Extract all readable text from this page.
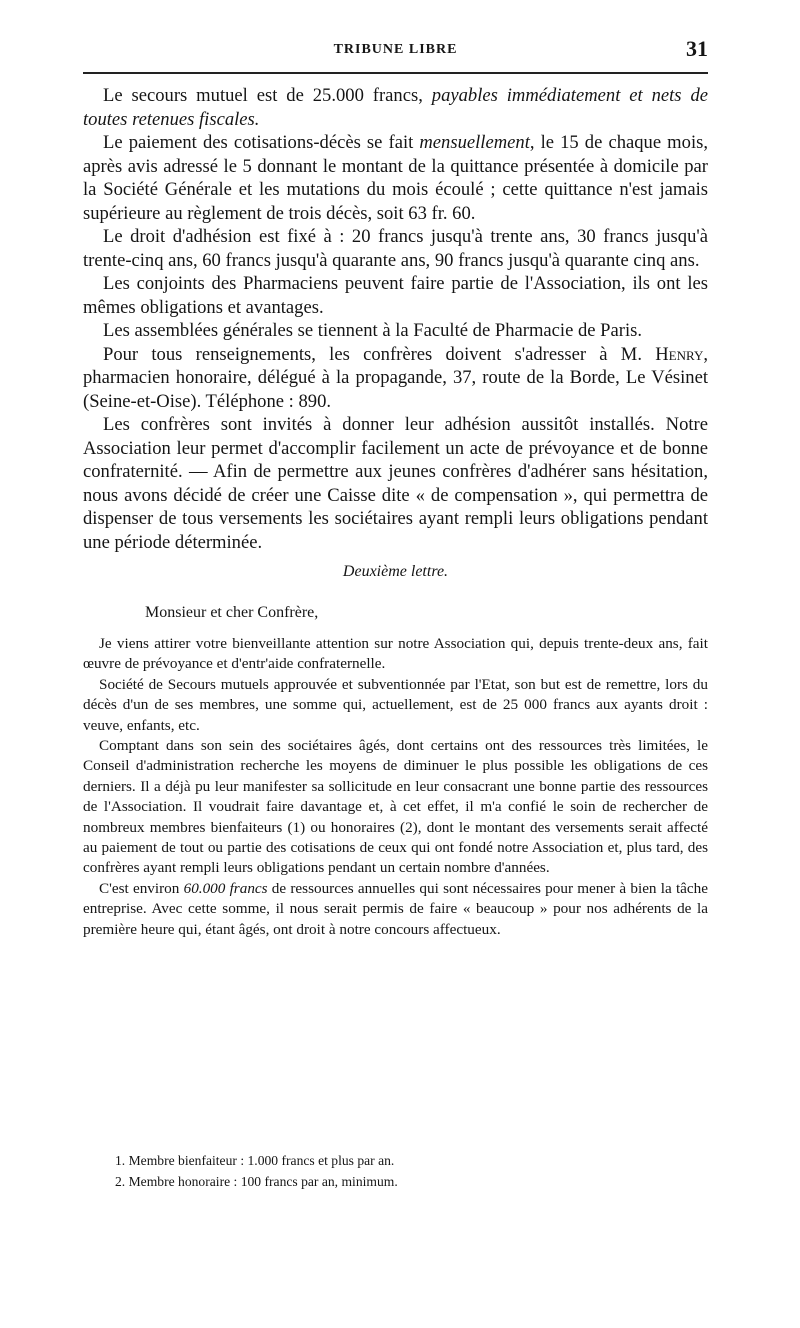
TRIBUNE LIBRE	31

Le secours mutuel est de 25.000 francs, payables immédiatement et nets de toutes retenues fiscales.

Le paiement des cotisations-décès se fait mensuellement, le 15 de chaque mois, après avis adressé le 5 donnant le montant de la quittance présentée à domicile par la Société Générale et les mutations du mois écoulé ; cette quittance n'est jamais supérieure au règlement de trois décès, soit 63 fr. 60.

Le droit d'adhésion est fixé à : 20 francs jusqu'à trente ans, 30 francs jusqu'à trente-cinq ans, 60 francs jusqu'à quarante ans, 90 francs jusqu'à quarante cinq ans.

Les conjoints des Pharmaciens peuvent faire partie de l'Association, ils ont les mêmes obligations et avantages.

Les assemblées générales se tiennent à la Faculté de Pharmacie de Paris.

Pour tous renseignements, les confrères doivent s'adresser à M. Henry, pharmacien honoraire, délégué à la propagande, 37, route de la Borde, Le Vésinet (Seine-et-Oise). Téléphone : 890.

Les confrères sont invités à donner leur adhésion aussitôt installés. Notre Association leur permet d'accomplir facilement un acte de prévoyance et de bonne confraternité. — Afin de permettre aux jeunes confrères d'adhérer sans hésitation, nous avons décidé de créer une Caisse dite « de compensation », qui permettra de dispenser de tous versements les sociétaires ayant rempli leurs obligations pendant une période déterminée.

Deuxième lettre.

Monsieur et cher Confrère,

Je viens attirer votre bienveillante attention sur notre Association qui, depuis trente-deux ans, fait œuvre de prévoyance et d'entr'aide confraternelle.

Société de Secours mutuels approuvée et subventionnée par l'Etat, son but est de remettre, lors du décès d'un de ses membres, une somme qui, actuellement, est de 25 000 francs aux ayants droit : veuve, enfants, etc.

Comptant dans son sein des sociétaires âgés, dont certains ont des ressources très limitées, le Conseil d'administration recherche les moyens de diminuer le plus possible les obligations de ces derniers. Il a déjà pu leur manifester sa sollicitude en leur consacrant une bonne partie des ressources de l'Association. Il voudrait faire davantage et, à cet effet, il m'a confié le soin de rechercher de nombreux membres bienfaiteurs (1) ou honoraires (2), dont le montant des versements serait affecté au paiement de tout ou partie des cotisations de ceux qui ont fondé notre Association et, plus tard, des confrères ayant rempli leurs obligations pendant un certain nombre d'années.

C'est environ 60.000 francs de ressources annuelles qui sont nécessaires pour mener à bien la tâche entreprise. Avec cette somme, il nous serait permis de faire « beaucoup » pour nos adhérents de la première heure qui, étant âgés, ont droit à notre concours affectueux.

1. Membre bienfaiteur : 1.000 francs et plus par an.

2. Membre honoraire : 100 francs par an, minimum.
